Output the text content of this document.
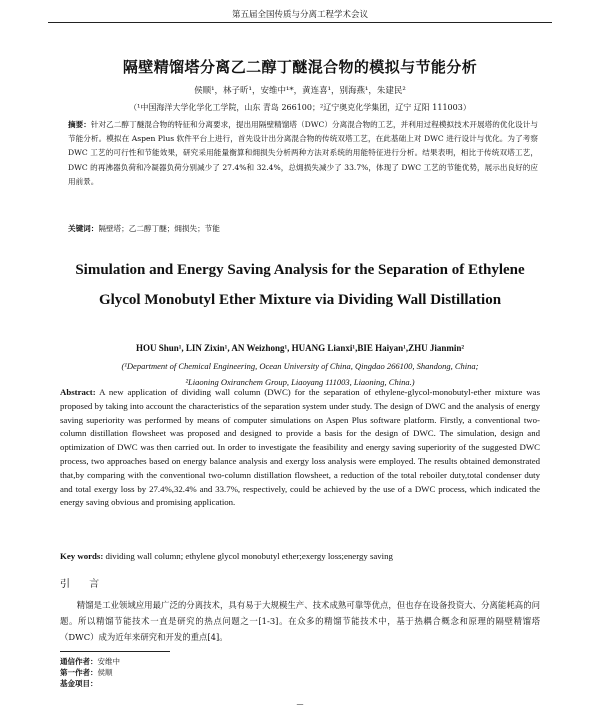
第五届全国传质与分离工程学术会议
隔壁精馏塔分离乙二醇丁醚混合物的模拟与节能分析
侯顺¹，林子昕¹，安维中¹*，黄连喜¹，别海燕¹，朱建民²
（¹中国海洋大学化学化工学院，山东 青岛 266100；²辽宁奥克化学集团，辽宁 辽阳 111003）
摘要：针对乙二醇丁醚混合物的特征和分离要求，提出用隔壁精馏塔（DWC）分离混合物的工艺，并利用过程模拟技术开展塔的优化设计与节能分析。模拟在 Aspen Plus 软件平台上进行，首先设计出分离混合物的传统双塔工艺，在此基础上对 DWC 进行设计与优化。为了考察 DWC 工艺的可行性和节能效果，研究采用能量衡算和㶲损失分析两种方法对系统的用能特征进行分析。结果表明，相比于传统双塔工艺，DWC 的再沸器负荷和冷凝器负荷分别减少了 27.4%和 32.4%，总㶲损失减少了 33.7%，体现了 DWC 工艺的节能优势，展示出良好的应用前景。
关键词：隔壁塔；乙二醇丁醚；㶲损失；节能
Simulation and Energy Saving Analysis for the Separation of Ethylene Glycol Monobutyl Ether Mixture via Dividing Wall Distillation
HOU Shun¹, LIN Zixin¹, AN Weizhong¹, HUANG Lianxi¹,BIE Haiyan¹,ZHU Jianmin²
(¹Department of Chemical Engineering, Ocean University of China, Qingdao 266100, Shandong, China;
²Liaoning Oxiranchem Group, Liaoyang 111003, Liaoning, China.)
Abstract: A new application of dividing wall column (DWC) for the separation of ethylene-glycol-monobutyl-ether mixture was proposed by taking into account the characteristics of the separation system under study. The design of DWC and the analysis of energy saving superiority was performed by means of computer simulations on Aspen Plus software platform. Firstly, a conventional two-column distillation flowsheet was proposed and designed to provide a basis for the design of DWC. The simulation, design and optimization of DWC was then carried out. In order to investigate the feasibility and energy saving superiority of the suggested DWC process, two approaches based on energy balance analysis and exergy loss analysis were employed. The results obtained demonstrated that,by comparing with the conventional two-column distillation flowsheet, a reduction of the total reboiler duty,total condenser duty and total exergy loss by 27.4%,32.4% and 33.7%, respectively, could be achieved by the use of a DWC process, which indicated the energy saving obvious and promising application.
Key words: dividing wall column; ethylene glycol monobutyl ether;exergy loss;energy saving
引 言
精馏是工业领域应用最广泛的分离技术，具有易于大规模生产、技术成熟可靠等优点，但也存在设备投资大、分离能耗高的问题。所以精馏节能技术一直是研究的热点问题之一[1-3]。在众多的精馏节能技术中，基于热耦合概念和原理的隔壁精馏塔（DWC）成为近年来研究和开发的重点[4]。
通信作者：安维中
第一作者：侯顺
基金项目：
—
